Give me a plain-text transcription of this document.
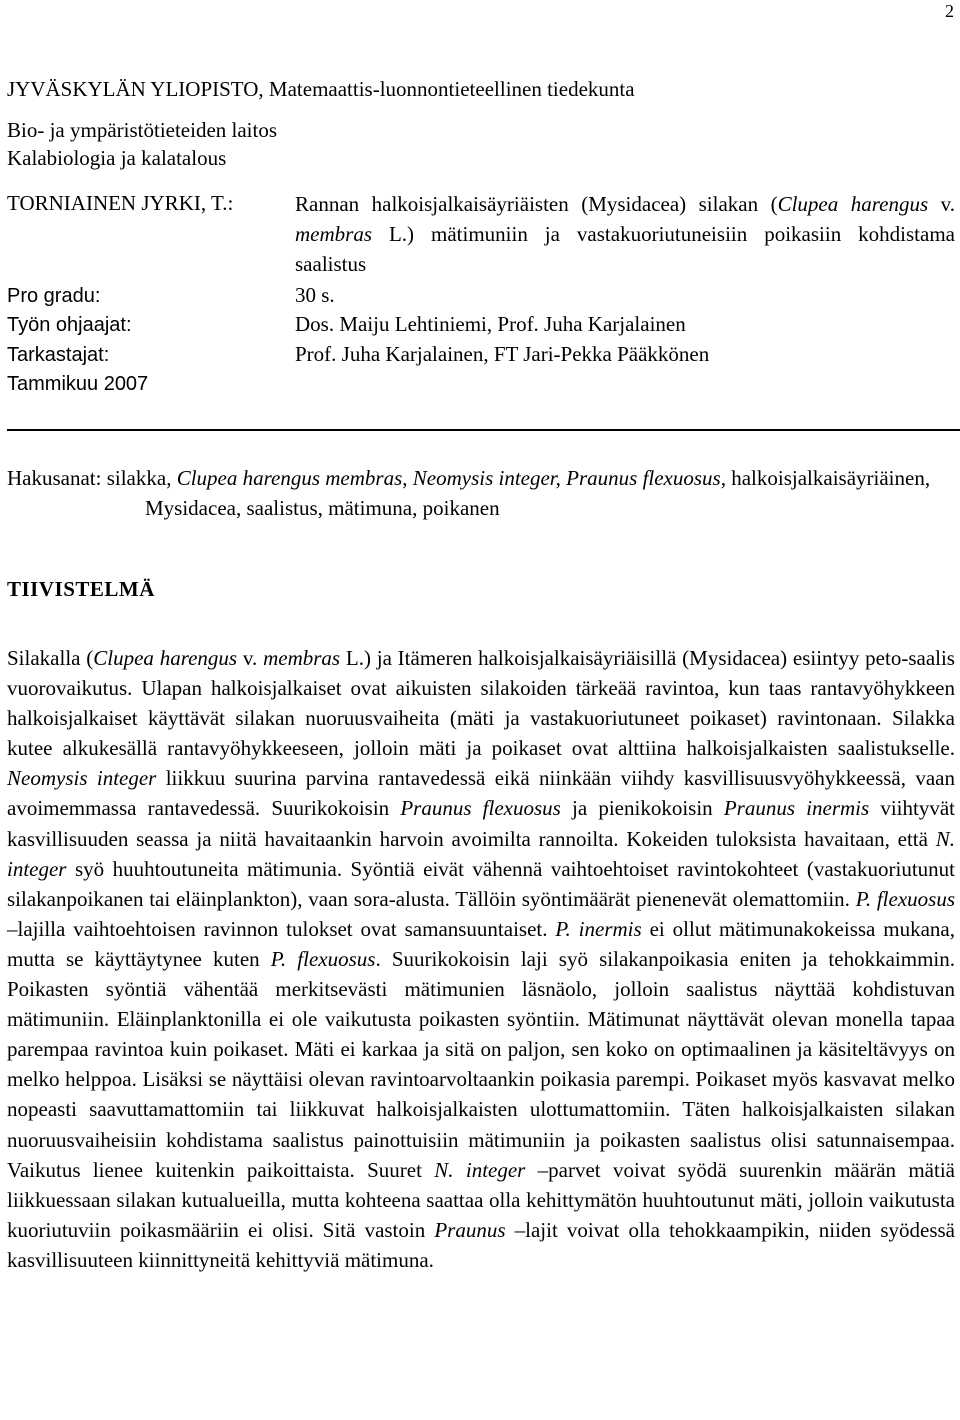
2
JYVÄSKYLÄN YLIOPISTO, Matemaattis-luonnontieteellinen tiedekunta
Bio- ja ympäristötieteiden laitos
Kalabiologia ja kalatalous
TORNIAINEN JYRKI, T.:	Rannan halkoisjalkaisäyriäisten (Mysidacea) silakan (Clupea harengus v. membras L.) mätimuniin ja vastakuoriutuneisiin poikasiin kohdistama saalistus
Pro gradu:	30 s.
Työn ohjaajat:	Dos. Maiju Lehtiniemi, Prof. Juha Karjalainen
Tarkastajat:	Prof. Juha Karjalainen, FT Jari-Pekka Pääkkönen
Tammikuu 2007
Hakusanat: silakka, Clupea harengus membras, Neomysis integer, Praunus flexuosus, halkoisjalkaisäyriäinen, Mysidacea, saalistus, mätimuna, poikanen
TIIVISTELMÄ

Silakalla (Clupea harengus v. membras L.) ja Itämeren halkoisjalkaisäyriäisillä (Mysidacea) esiintyy peto-saalis vuorovaikutus. Ulapan halkoisjalkaiset ovat aikuisten silakoiden tärkeää ravintoa, kun taas rantavyöhykkeen halkoisjalkaiset käyttävät silakan nuoruusvaiheita (mäti ja vastakuoriutuneet poikaset) ravintonaan. Silakka kutee alkukesällä rantavyöhykkeeseen, jolloin mäti ja poikaset ovat alttiina halkoisjalkaisten saalistukselle. Neomysis integer liikkuu suurina parvina rantavedessä eikä niinkään viihdy kasvillisuusvyöhykkeessä, vaan avoimemmassa rantavedessä. Suurikokoisin Praunus flexuosus ja pienikokoisin Praunus inermis viihtyvät kasvillisuuden seassa ja niitä havaitaankin harvoin avoimilta rannoilta. Kokeiden tuloksista havaitaan, että N. integer syö huuhtoutuneita mätimunia. Syöntiä eivät vähennä vaihtoehtoiset ravintokohteet (vastakuoriutunut silakanpoikanen tai eläinplankton), vaan sora-alusta. Tällöin syöntimäärät pienenevät olemattomiin. P. flexuosus –lajilla vaihtoehtoisen ravinnon tulokset ovat samansuuntaiset. P. inermis ei ollut mätimunakokeissa mukana, mutta se käyttäytynee kuten P. flexuosus. Suurikokoisin laji syö silakanpoikasia eniten ja tehokkaimmin. Poikasten syöntiä vähentää merkitsevästi mätimunien läsnäolo, jolloin saalistus näyttää kohdistuvan mätimuniin. Eläinplanktonilla ei ole vaikutusta poikasten syöntiin. Mätimunat näyttävät olevan monella tapaa parempaa ravintoa kuin poikaset. Mäti ei karkaa ja sitä on paljon, sen koko on optimaalinen ja käsiteltävyys on melko helppoa. Lisäksi se näyttäisi olevan ravintoarvoltaankin poikasia parempi. Poikaset myös kasvavat melko nopeasti saavuttamattomiin tai liikkuvat halkoisjalkaisten ulottumattomiin. Täten halkoisjalkaisten silakan nuoruusvaiheisiin kohdistama saalistus painottuisiin mätimuniin ja poikasten saalistus olisi satunnaisempaa. Vaikutus lienee kuitenkin paikoittaista. Suuret N. integer –parvet voivat syödä suurenkin määrän mätiä liikkuessaan silakan kutualueilla, mutta kohteena saattaa olla kehittymätön huuhtoutunut mäti, jolloin vaikutusta kuoriutuviin poikasmääriin ei olisi. Sitä vastoin Praunus –lajit voivat olla tehokkaampikin, niiden syödessä kasvillisuuteen kiinnittyneitä kehittyviä mätimuna.
